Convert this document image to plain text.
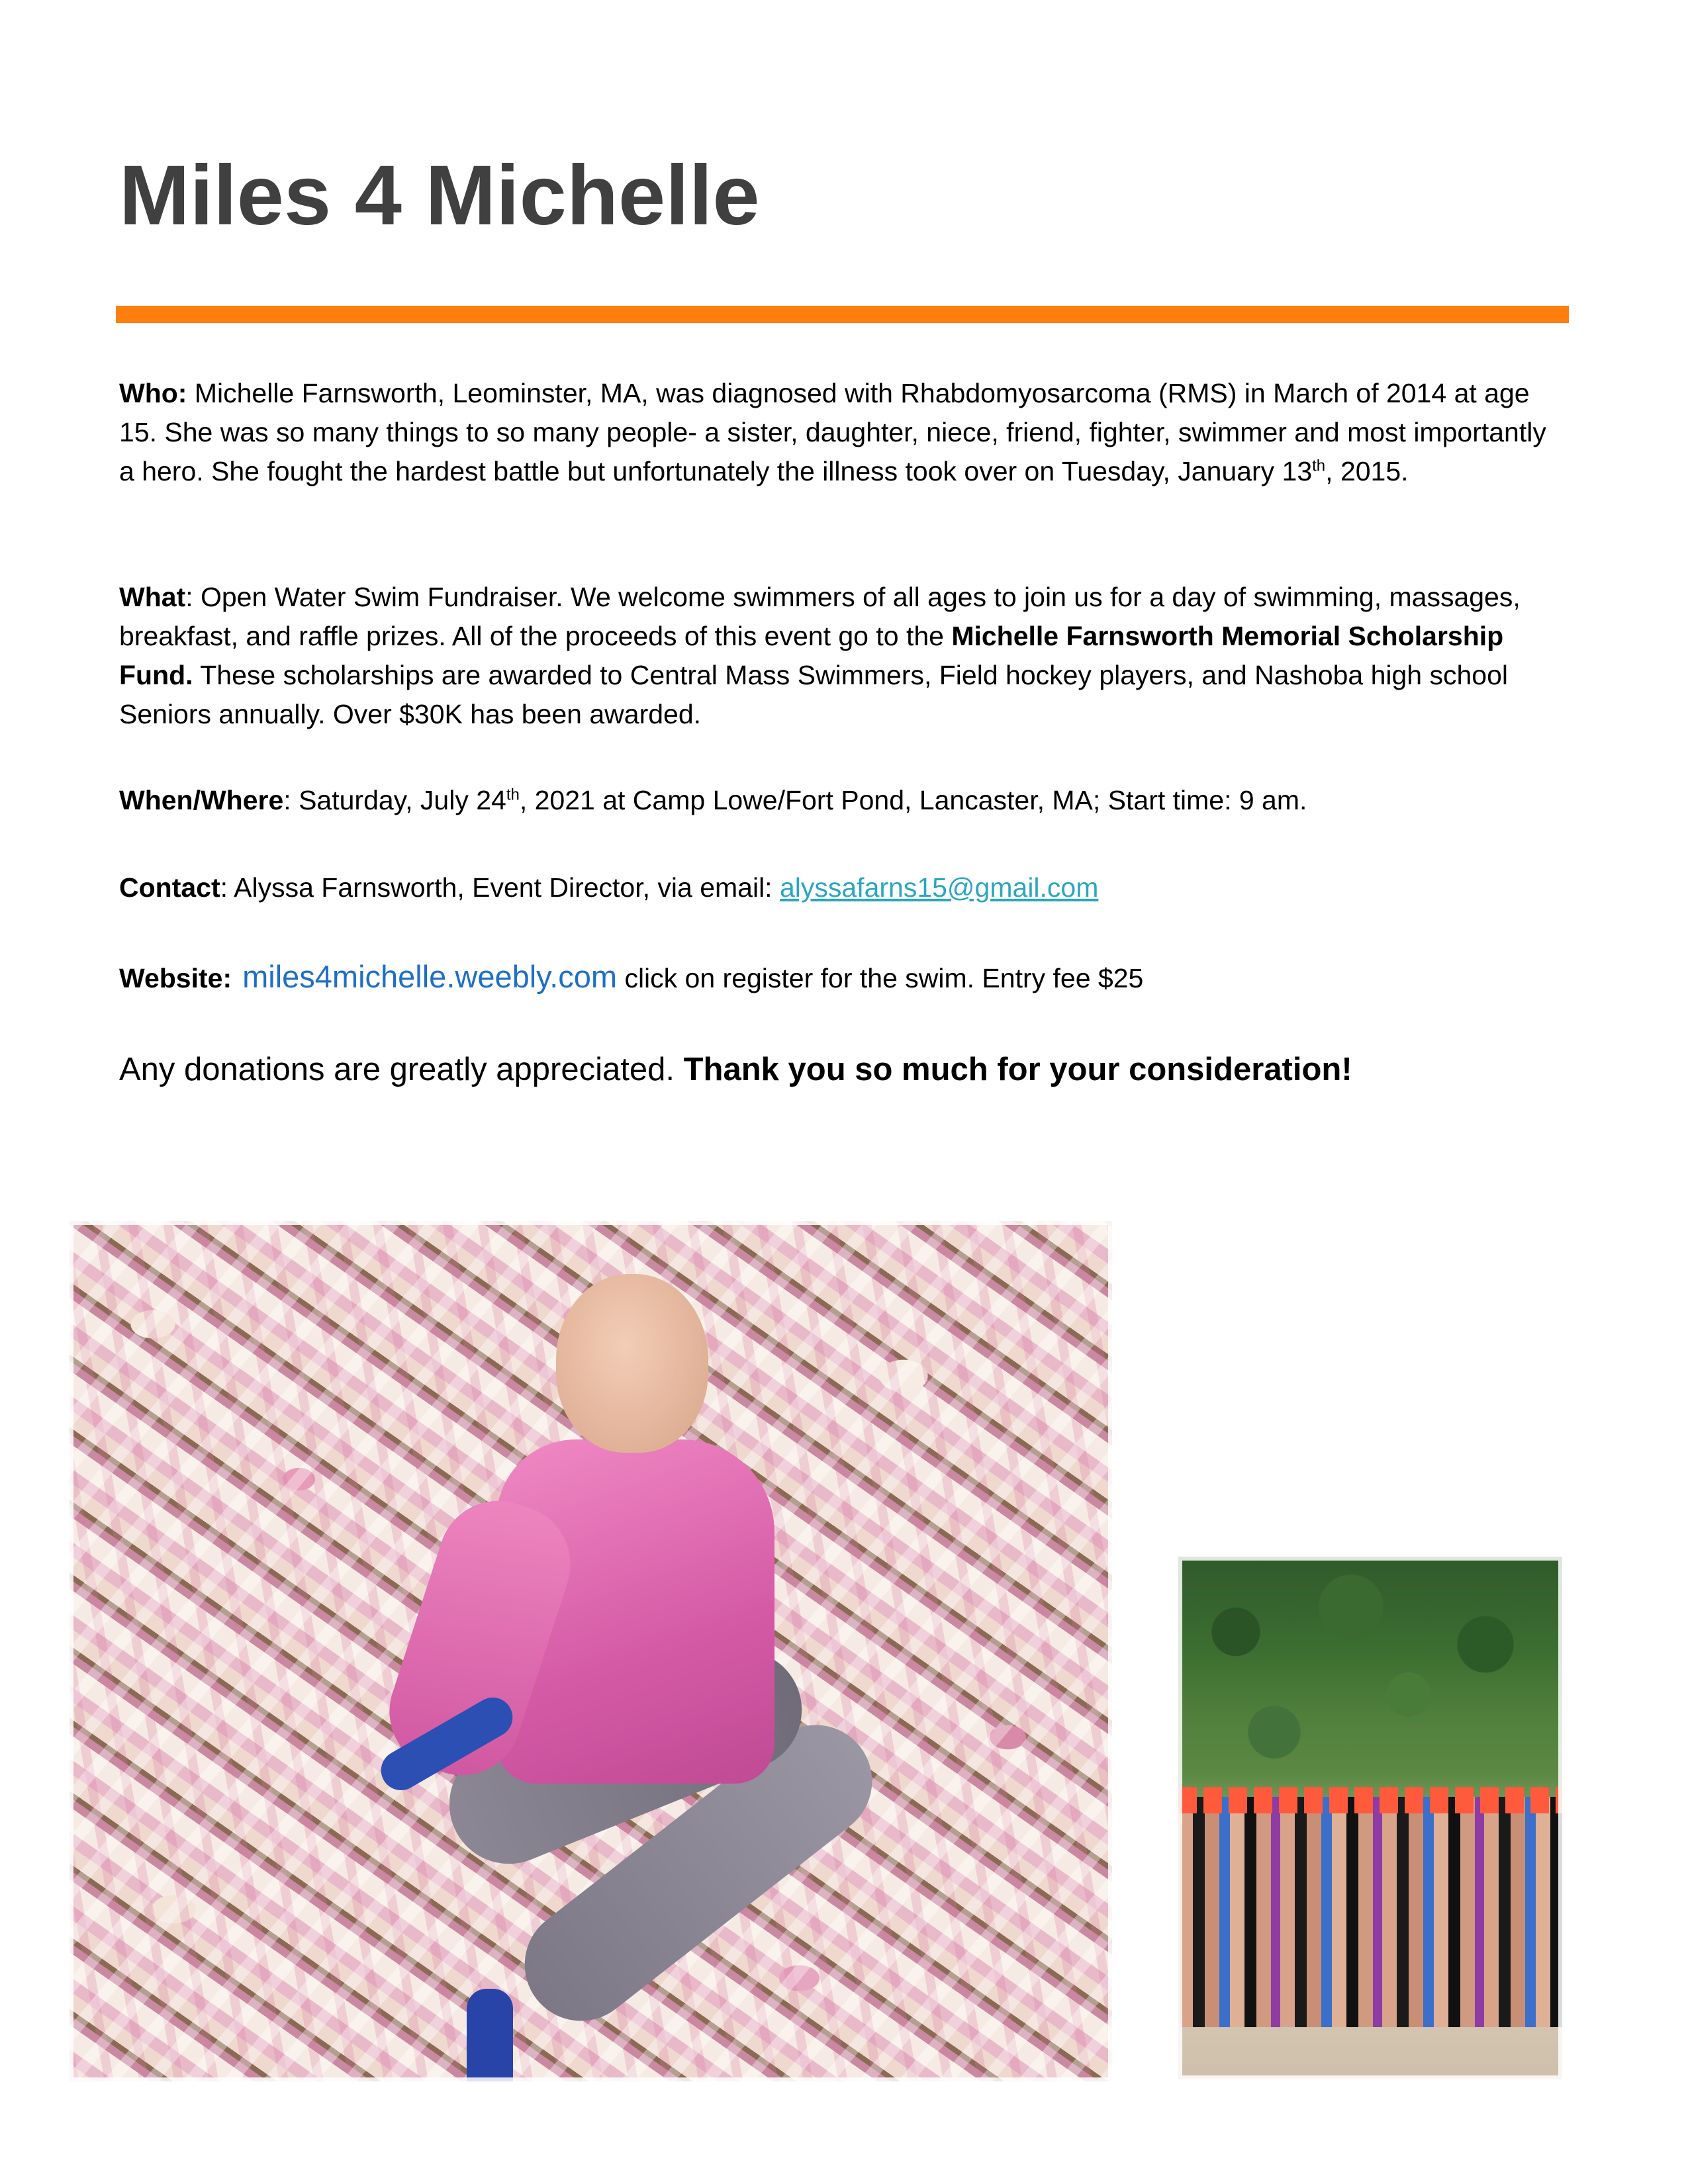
Miles 4 Michelle

Who: Michelle Farnsworth, Leominster, MA, was diagnosed with Rhabdomyosarcoma (RMS) in March of 2014 at age 15. She was so many things to so many people- a sister, daughter, niece, friend, fighter, swimmer and most importantly a hero. She fought the hardest battle but unfortunately the illness took over on Tuesday, January 13th, 2015.

What: Open Water Swim Fundraiser. We welcome swimmers of all ages to join us for a day of swimming, massages, breakfast, and raffle prizes. All of the proceeds of this event go to the Michelle Farnsworth Memorial Scholarship Fund. These scholarships are awarded to Central Mass Swimmers, Field hockey players, and Nashoba high school Seniors annually. Over $30K has been awarded.

When/Where: Saturday, July 24th, 2021 at Camp Lowe/Fort Pond, Lancaster, MA; Start time: 9 am.

Contact: Alyssa Farnsworth, Event Director, via email: alyssafarns15@gmail.com

Website: miles4michelle.weebly.com click on register for the swim. Entry fee $25

Any donations are greatly appreciated. Thank you so much for your consideration!
